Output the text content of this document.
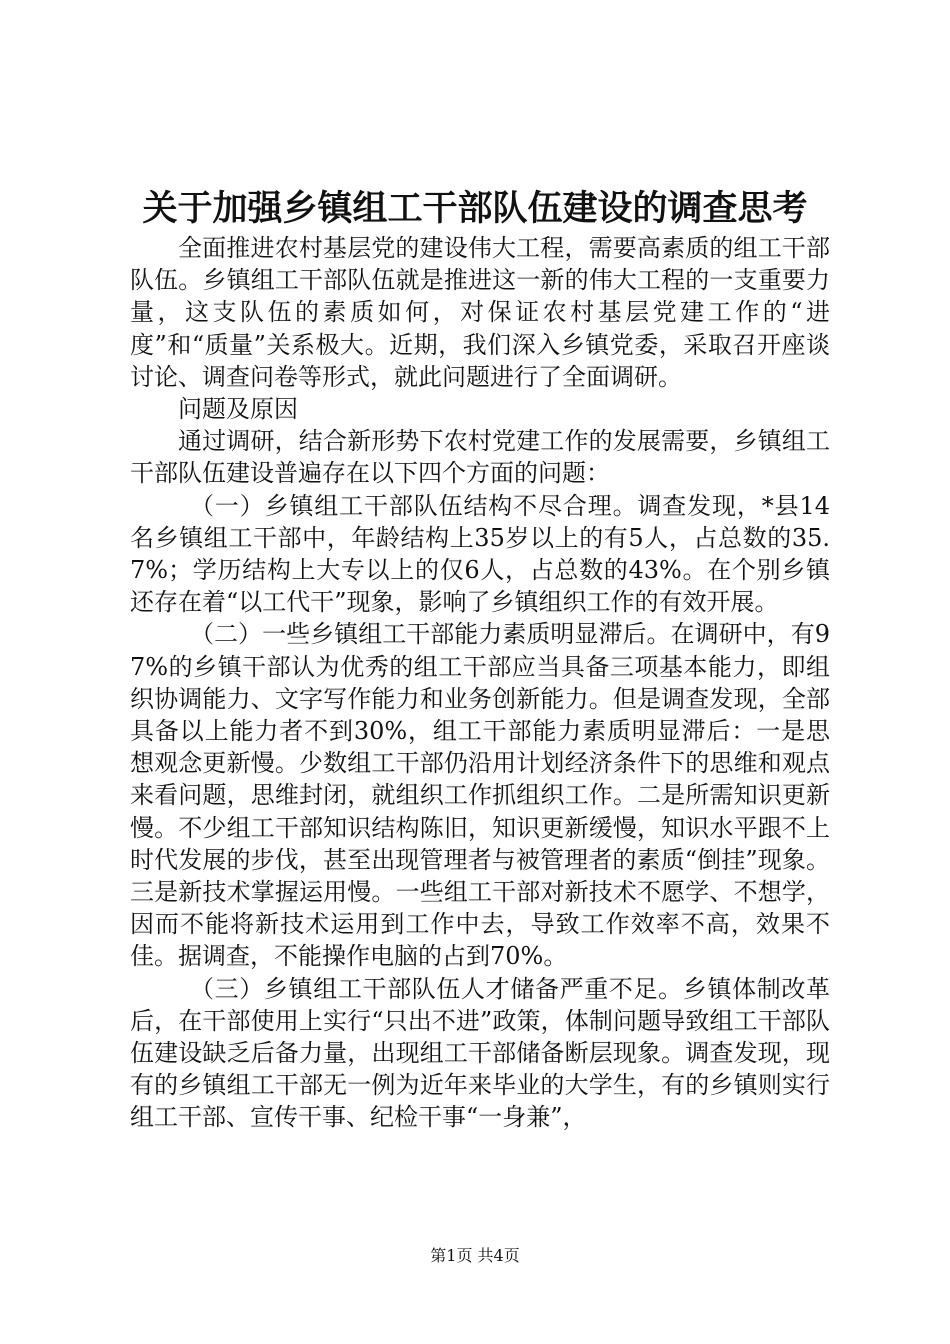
关于加强乡镇组工干部队伍建设的调查思考

全面推进农村基层党的建设伟大工程，需要高素质的组工干部队伍。乡镇组工干部队伍就是推进这一新的伟大工程的一支重要力量，这支队伍的素质如何，对保证农村基层党建工作的“进度”和“质量”关系极大。近期，我们深入乡镇党委，采取召开座谈讨论、调查问卷等形式，就此问题进行了全面调研。

问题及原因

通过调研，结合新形势下农村党建工作的发展需要，乡镇组工干部队伍建设普遍存在以下四个方面的问题：

（一）乡镇组工干部队伍结构不尽合理。调查发现，*县14名乡镇组工干部中，年龄结构上35岁以上的有5人，占总数的35.7%；学历结构上大专以上的仅6人，占总数的43%。在个别乡镇还存在着“以工代干”现象，影响了乡镇组织工作的有效开展。

（二）一些乡镇组工干部能力素质明显滞后。在调研中，有97%的乡镇干部认为优秀的组工干部应当具备三项基本能力，即组织协调能力、文字写作能力和业务创新能力。但是调查发现，全部具备以上能力者不到30%，组工干部能力素质明显滞后：一是思想观念更新慢。少数组工干部仍沿用计划经济条件下的思维和观点来看问题，思维封闭，就组织工作抓组织工作。二是所需知识更新慢。不少组工干部知识结构陈旧，知识更新缓慢，知识水平跟不上时代发展的步伐，甚至出现管理者与被管理者的素质“倒挂”现象。三是新技术掌握运用慢。一些组工干部对新技术不愿学、不想学，因而不能将新技术运用到工作中去，导致工作效率不高，效果不佳。据调查，不能操作电脑的占到70%。

（三）乡镇组工干部队伍人才储备严重不足。乡镇体制改革后，在干部使用上实行“只出不进”政策，体制问题导致组工干部队伍建设缺乏后备力量，出现组工干部储备断层现象。调查发现，现有的乡镇组工干部无一例为近年来毕业的大学生，有的乡镇则实行组工干部、宣传干事、纪检干事“一身兼”，

第1页 共4页
